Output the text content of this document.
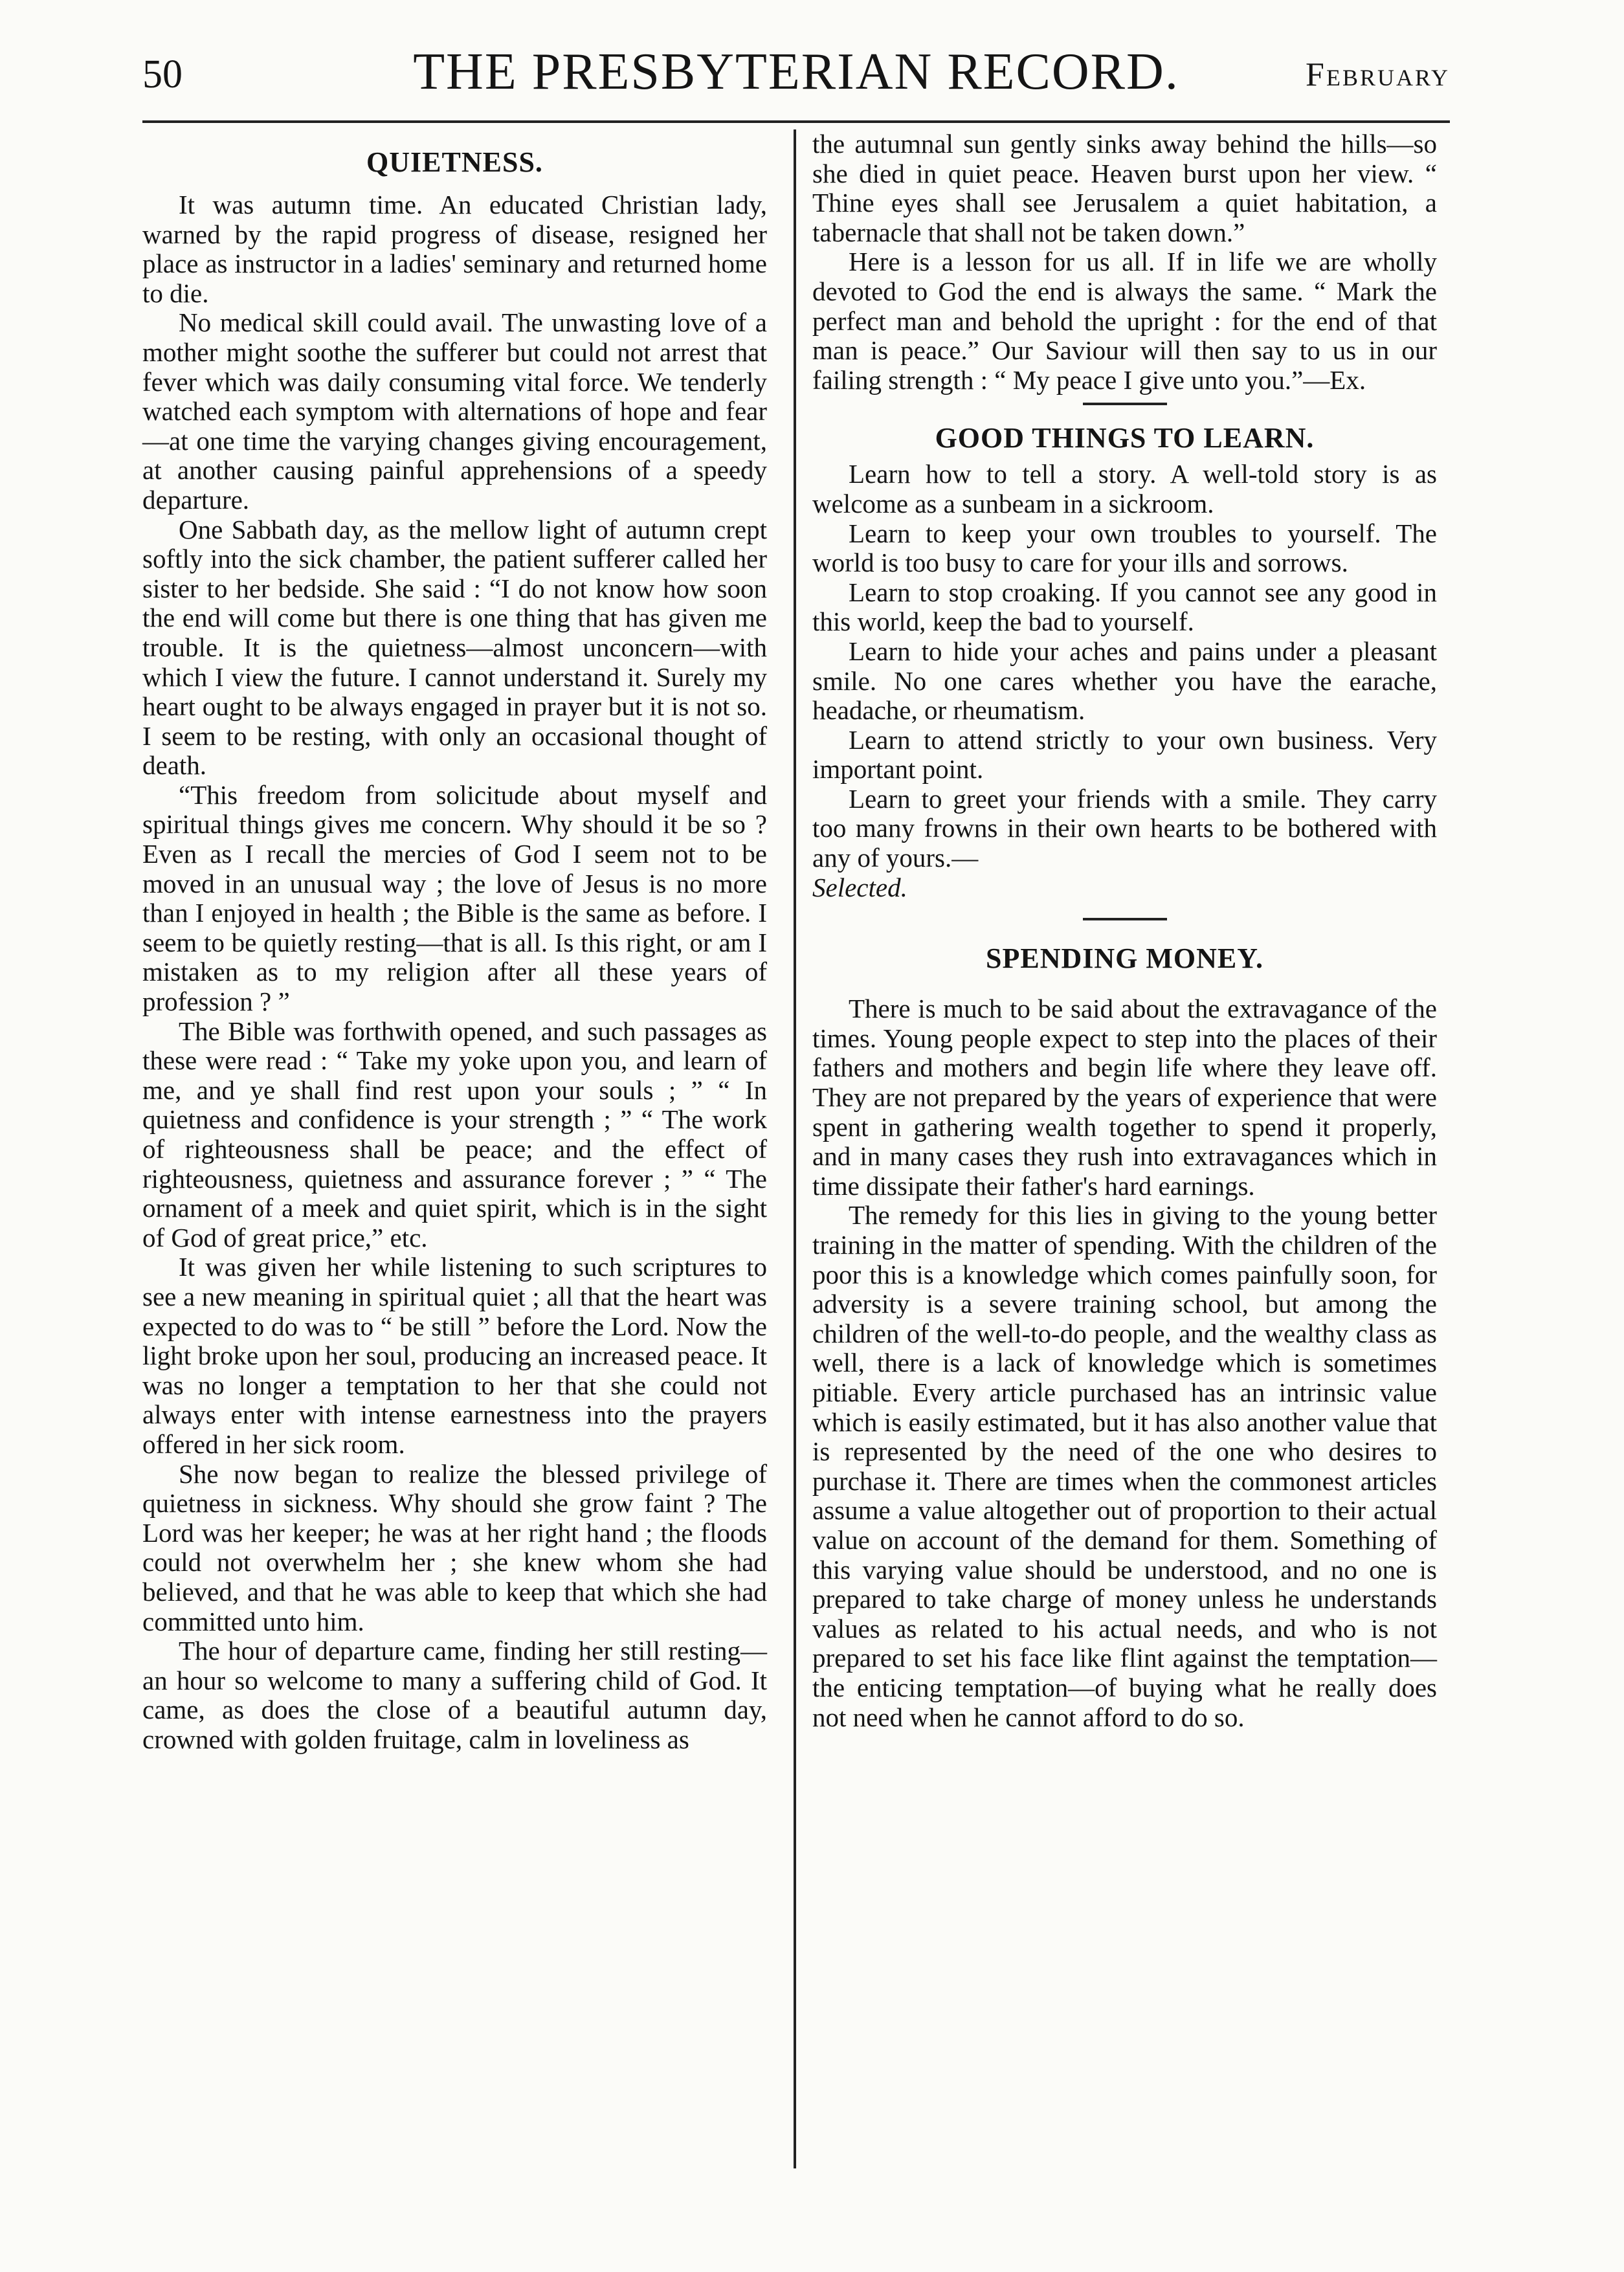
50	THE PRESBYTERIAN RECORD.	February
QUIETNESS.

It was autumn time. An educated Christian lady, warned by the rapid progress of disease, resigned her place as instructor in a ladies' seminary and returned home to die.

No medical skill could avail. The unwasting love of a mother might soothe the sufferer but could not arrest that fever which was daily consuming vital force. We tenderly watched each symptom with alternations of hope and fear—at one time the varying changes giving encouragement, at another causing painful apprehensions of a speedy departure.

One Sabbath day, as the mellow light of autumn crept softly into the sick chamber, the patient sufferer called her sister to her bedside. She said : “I do not know how soon the end will come but there is one thing that has given me trouble. It is the quietness—almost unconcern—with which I view the future. I cannot understand it. Surely my heart ought to be always engaged in prayer but it is not so. I seem to be resting, with only an occasional thought of death.

“This freedom from solicitude about myself and spiritual things gives me concern. Why should it be so ? Even as I recall the mercies of God I seem not to be moved in an unusual way ; the love of Jesus is no more than I enjoyed in health ; the Bible is the same as before. I seem to be quietly resting—that is all. Is this right, or am I mistaken as to my religion after all these years of profession ? ”

The Bible was forthwith opened, and such passages as these were read : “ Take my yoke upon you, and learn of me, and ye shall find rest upon your souls ; ” “ In quietness and confidence is your strength ; ” “ The work of righteousness shall be peace; and the effect of righteousness, quietness and assurance forever ; ” “ The ornament of a meek and quiet spirit, which is in the sight of God of great price,” etc.

It was given her while listening to such scriptures to see a new meaning in spiritual quiet ; all that the heart was expected to do was to “ be still ” before the Lord. Now the light broke upon her soul, producing an increased peace. It was no longer a temptation to her that she could not always enter with intense earnestness into the prayers offered in her sick room.

She now began to realize the blessed privilege of quietness in sickness. Why should she grow faint ? The Lord was her keeper; he was at her right hand ; the floods could not overwhelm her ; she knew whom she had believed, and that he was able to keep that which she had committed unto him.

The hour of departure came, finding her still resting—an hour so welcome to many a suffering child of God. It came, as does the close of a beautiful autumn day, crowned with golden fruitage, calm in loveliness as

the autumnal sun gently sinks away behind the hills—so she died in quiet peace. Heaven burst upon her view. “ Thine eyes shall see Jerusalem a quiet habitation, a tabernacle that shall not be taken down.”

Here is a lesson for us all. If in life we are wholly devoted to God the end is always the same. “ Mark the perfect man and behold the upright : for the end of that man is peace.” Our Saviour will then say to us in our failing strength : “ My peace I give unto you.”—Ex.

GOOD THINGS TO LEARN.

Learn how to tell a story. A well-told story is as welcome as a sunbeam in a sickroom.

Learn to keep your own troubles to yourself. The world is too busy to care for your ills and sorrows.

Learn to stop croaking. If you cannot see any good in this world, keep the bad to yourself.

Learn to hide your aches and pains under a pleasant smile. No one cares whether you have the earache, headache, or rheumatism.

Learn to attend strictly to your own business. Very important point.

Learn to greet your friends with a smile. They carry too many frowns in their own hearts to be bothered with any of yours.—

Selected.

SPENDING MONEY.

There is much to be said about the extravagance of the times. Young people expect to step into the places of their fathers and mothers and begin life where they leave off. They are not prepared by the years of experience that were spent in gathering wealth together to spend it properly, and in many cases they rush into extravagances which in time dissipate their father's hard earnings.

The remedy for this lies in giving to the young better training in the matter of spending. With the children of the poor this is a knowledge which comes painfully soon, for adversity is a severe training school, but among the children of the well-to-do people, and the wealthy class as well, there is a lack of knowledge which is sometimes pitiable. Every article purchased has an intrinsic value which is easily estimated, but it has also another value that is represented by the need of the one who desires to purchase it. There are times when the commonest articles assume a value altogether out of proportion to their actual value on account of the demand for them. Something of this varying value should be understood, and no one is prepared to take charge of money unless he understands values as related to his actual needs, and who is not prepared to set his face like flint against the temptation—the enticing temptation—of buying what he really does not need when he cannot afford to do so.
